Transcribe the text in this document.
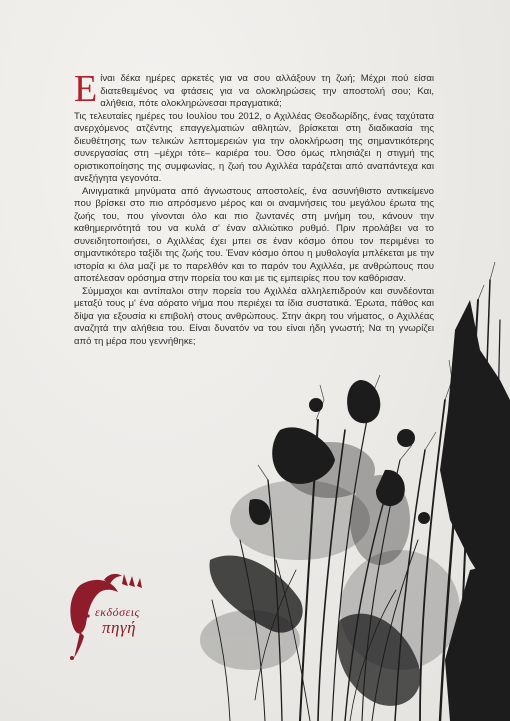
Είναι δέκα ημέρες αρκετές για να σου αλλάξουν τη ζωή; Μέχρι πού είσαι διατεθειμένος να φτάσεις για να ολοκληρώσεις την αποστολή σου; Και, αλήθεια, πότε ολοκληρώνεσαι πραγματικά;

Τις τελευταίες ημέρες του Ιουλίου του 2012, ο Αχιλλέας Θεοδωρίδης, ένας ταχύτατα ανερχόμενος ατζέντης επαγγελματιών αθλητών, βρίσκεται στη διαδικασία της διευθέτησης των τελικών λεπτομερειών για την ολοκλήρωση της σημαντικότερης συνεργασίας στη –μέχρι τότε– καριέρα του. Όσο όμως πλησιάζει η στιγμή της οριστικοποίησης της συμφωνίας, η ζωή του Αχιλλέα ταράζεται από αναπάντεχα και ανεξήγητα γεγονότα.

Αινιγματικά μηνύματα από άγνωστους αποστολείς, ένα ασυνήθιστο αντικείμενο που βρίσκει στο πιο απρόσμενο μέρος και οι αναμνήσεις του μεγάλου έρωτα της ζωής του, που γίνονται όλο και πιο ζωντανές στη μνήμη του, κάνουν την καθημερινότητά του να κυλά σ' έναν αλλιώτικο ρυθμό. Πριν προλάβει να το συνειδητοποιήσει, ο Αχιλλέας έχει μπει σε έναν κόσμο όπου τον περιμένει το σημαντικότερο ταξίδι της ζωής του. Έναν κόσμο όπου η μυθολογία μπλέκεται με την ιστορία κι όλα μαζί με το παρελθόν και το παρόν του Αχιλλέα, με ανθρώπους που αποτέλεσαν ορόσημα στην πορεία του και με τις εμπειρίες που τον καθόρισαν.

Σύμμαχοι και αντίπαλοι στην πορεία του Αχιλλέα αλληλεπιδρούν και συνδέονται μεταξύ τους μ' ένα αόρατο νήμα που περιέχει τα ίδια συστατικά. Έρωτα, πάθος και δίψα για εξουσία κι επιβολή στους ανθρώπους. Στην άκρη του νήματος, ο Αχιλλέας αναζητά την αλήθεια του. Είναι δυνατόν να του είναι ήδη γνωστή; Να τη γνωρίζει από τη μέρα που γεννήθηκε;

εκδόσεις
πηγή
